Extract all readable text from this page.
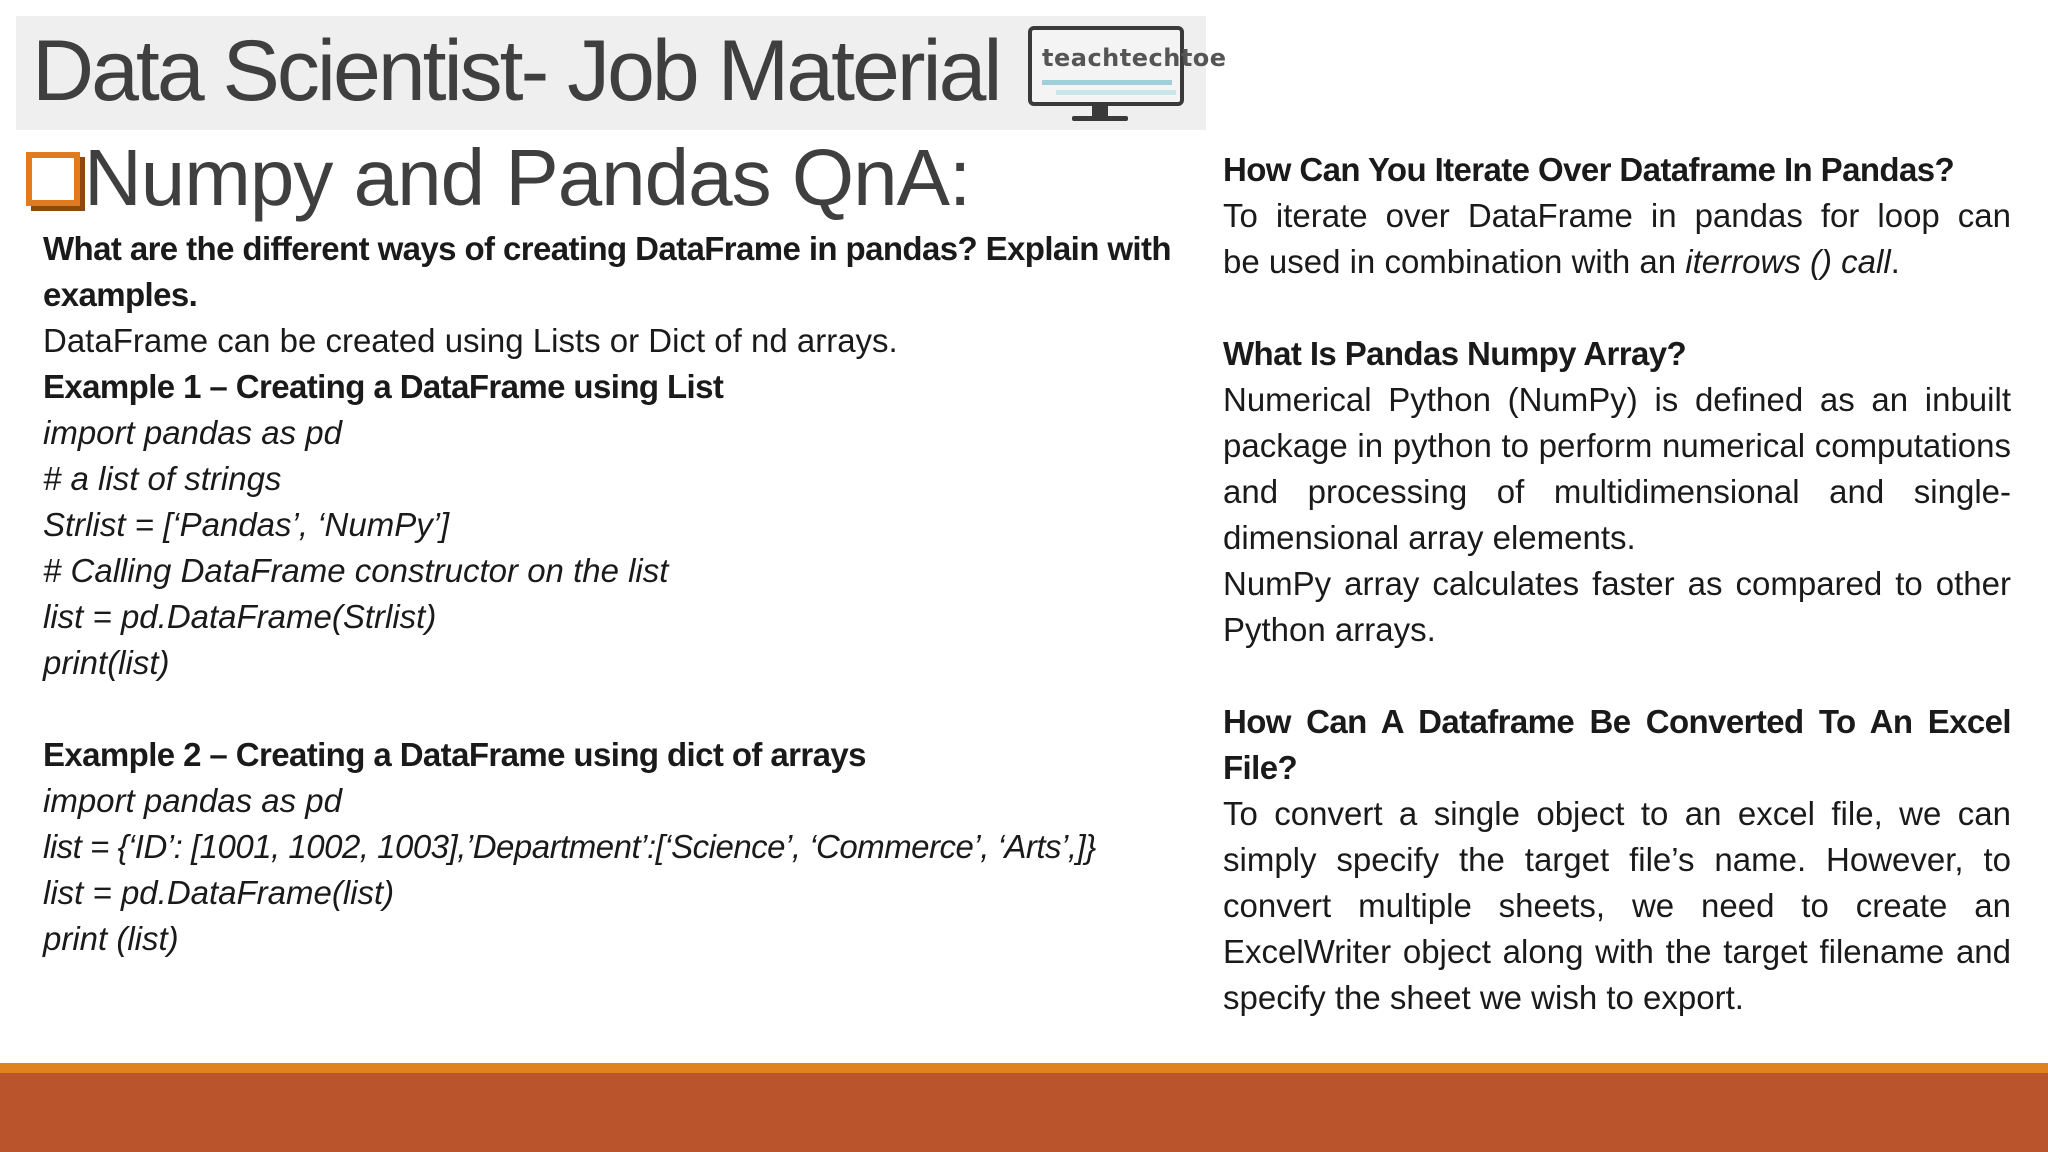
Data Scientist- Job Material teachtechtoe
Numpy and Pandas QnA:
What are the different ways of creating DataFrame in pandas? Explain with
examples.
DataFrame can be created using Lists or Dict of nd arrays.
Example 1 – Creating a DataFrame using List
import pandas as pd
# a list of strings
Strlist = [‘Pandas’, ‘NumPy’]
# Calling DataFrame constructor on the list
list = pd.DataFrame(Strlist)
print(list)
Example 2 – Creating a DataFrame using dict of arrays
import pandas as pd
list = {‘ID’: [1001, 1002, 1003],’Department’:[‘Science’, ‘Commerce’, ‘Arts’,]}
list = pd.DataFrame(list)
print (list)
How Can You Iterate Over Dataframe In Pandas?
To iterate over DataFrame in pandas for loop can
be used in combination with an iterrows () call.
What Is Pandas Numpy Array?
Numerical Python (NumPy) is defined as an inbuilt package in python to perform numerical computations and processing of multidimensional and single-dimensional array elements.
NumPy array calculates faster as compared to other Python arrays.
How Can A Dataframe Be Converted To An Excel
File?
To convert a single object to an excel file, we can simply specify the target file’s name. However, to convert multiple sheets, we need to create an ExcelWriter object along with the target filename and specify the sheet we wish to export.
